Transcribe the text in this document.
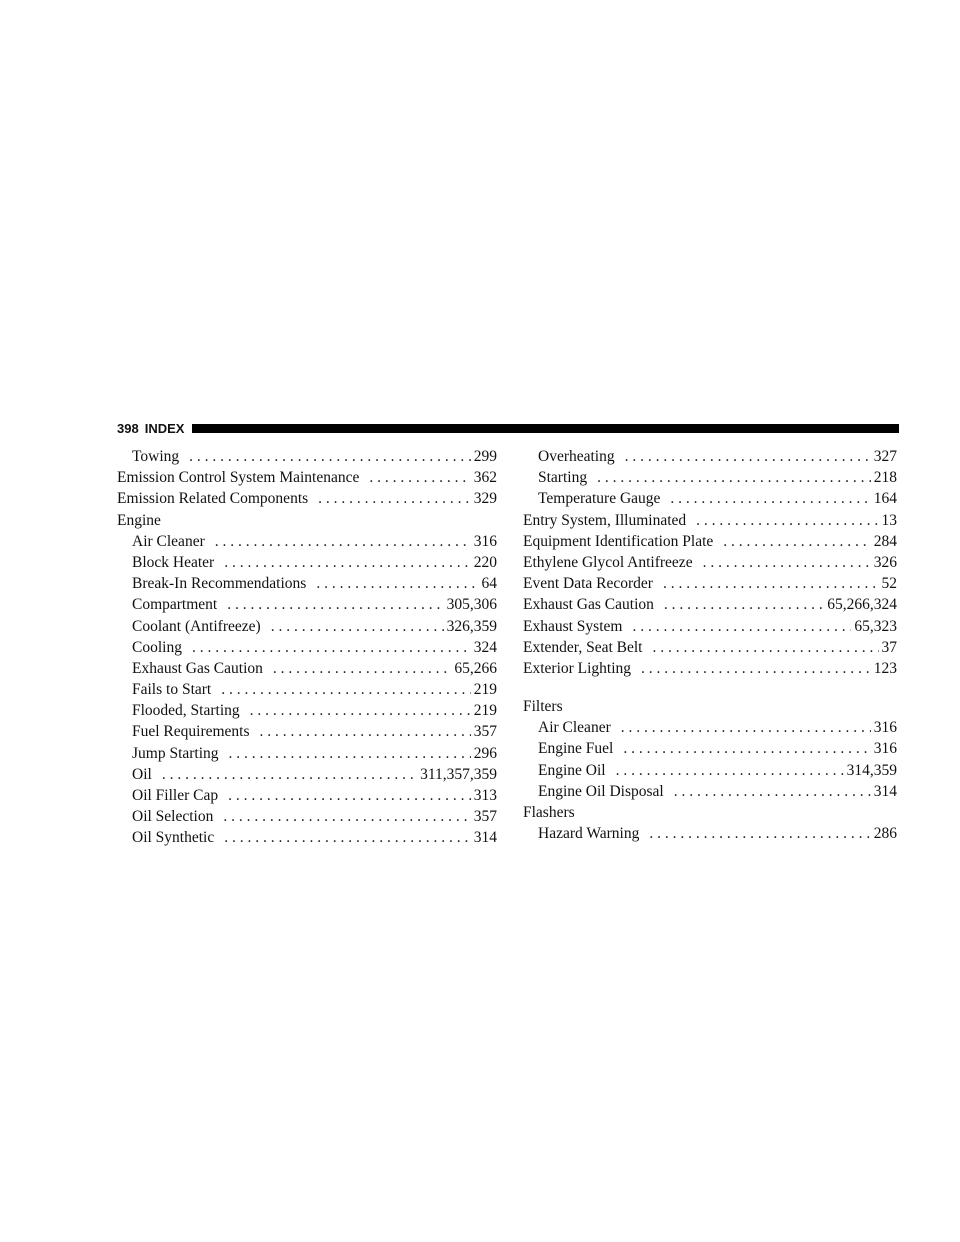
398 INDEX
Towing . . .	299
Emission Control System Maintenance . . .	362
Emission Related Components . . .	329
Engine
Air Cleaner . . .	316
Block Heater . . .	220
Break-In Recommendations . . .	64
Compartment . . .	305,306
Coolant (Antifreeze) . . .	326,359
Cooling . . .	324
Exhaust Gas Caution . . .	65,266
Fails to Start . . .	219
Flooded, Starting . . .	219
Fuel Requirements . . .	357
Jump Starting . . .	296
Oil . . .	311,357,359
Oil Filler Cap . . .	313
Oil Selection . . .	357
Oil Synthetic . . .	314
Overheating . . .	327
Starting . . .	218
Temperature Gauge . . .	164
Entry System, Illuminated . . .	13
Equipment Identification Plate . . .	284
Ethylene Glycol Antifreeze . . .	326
Event Data Recorder . . .	52
Exhaust Gas Caution . . .	65,266,324
Exhaust System . . .	65,323
Extender, Seat Belt . . .	37
Exterior Lighting . . .	123
Filters
Air Cleaner . . .	316
Engine Fuel . . .	316
Engine Oil . . .	314,359
Engine Oil Disposal . . .	314
Flashers
Hazard Warning . . .	286
